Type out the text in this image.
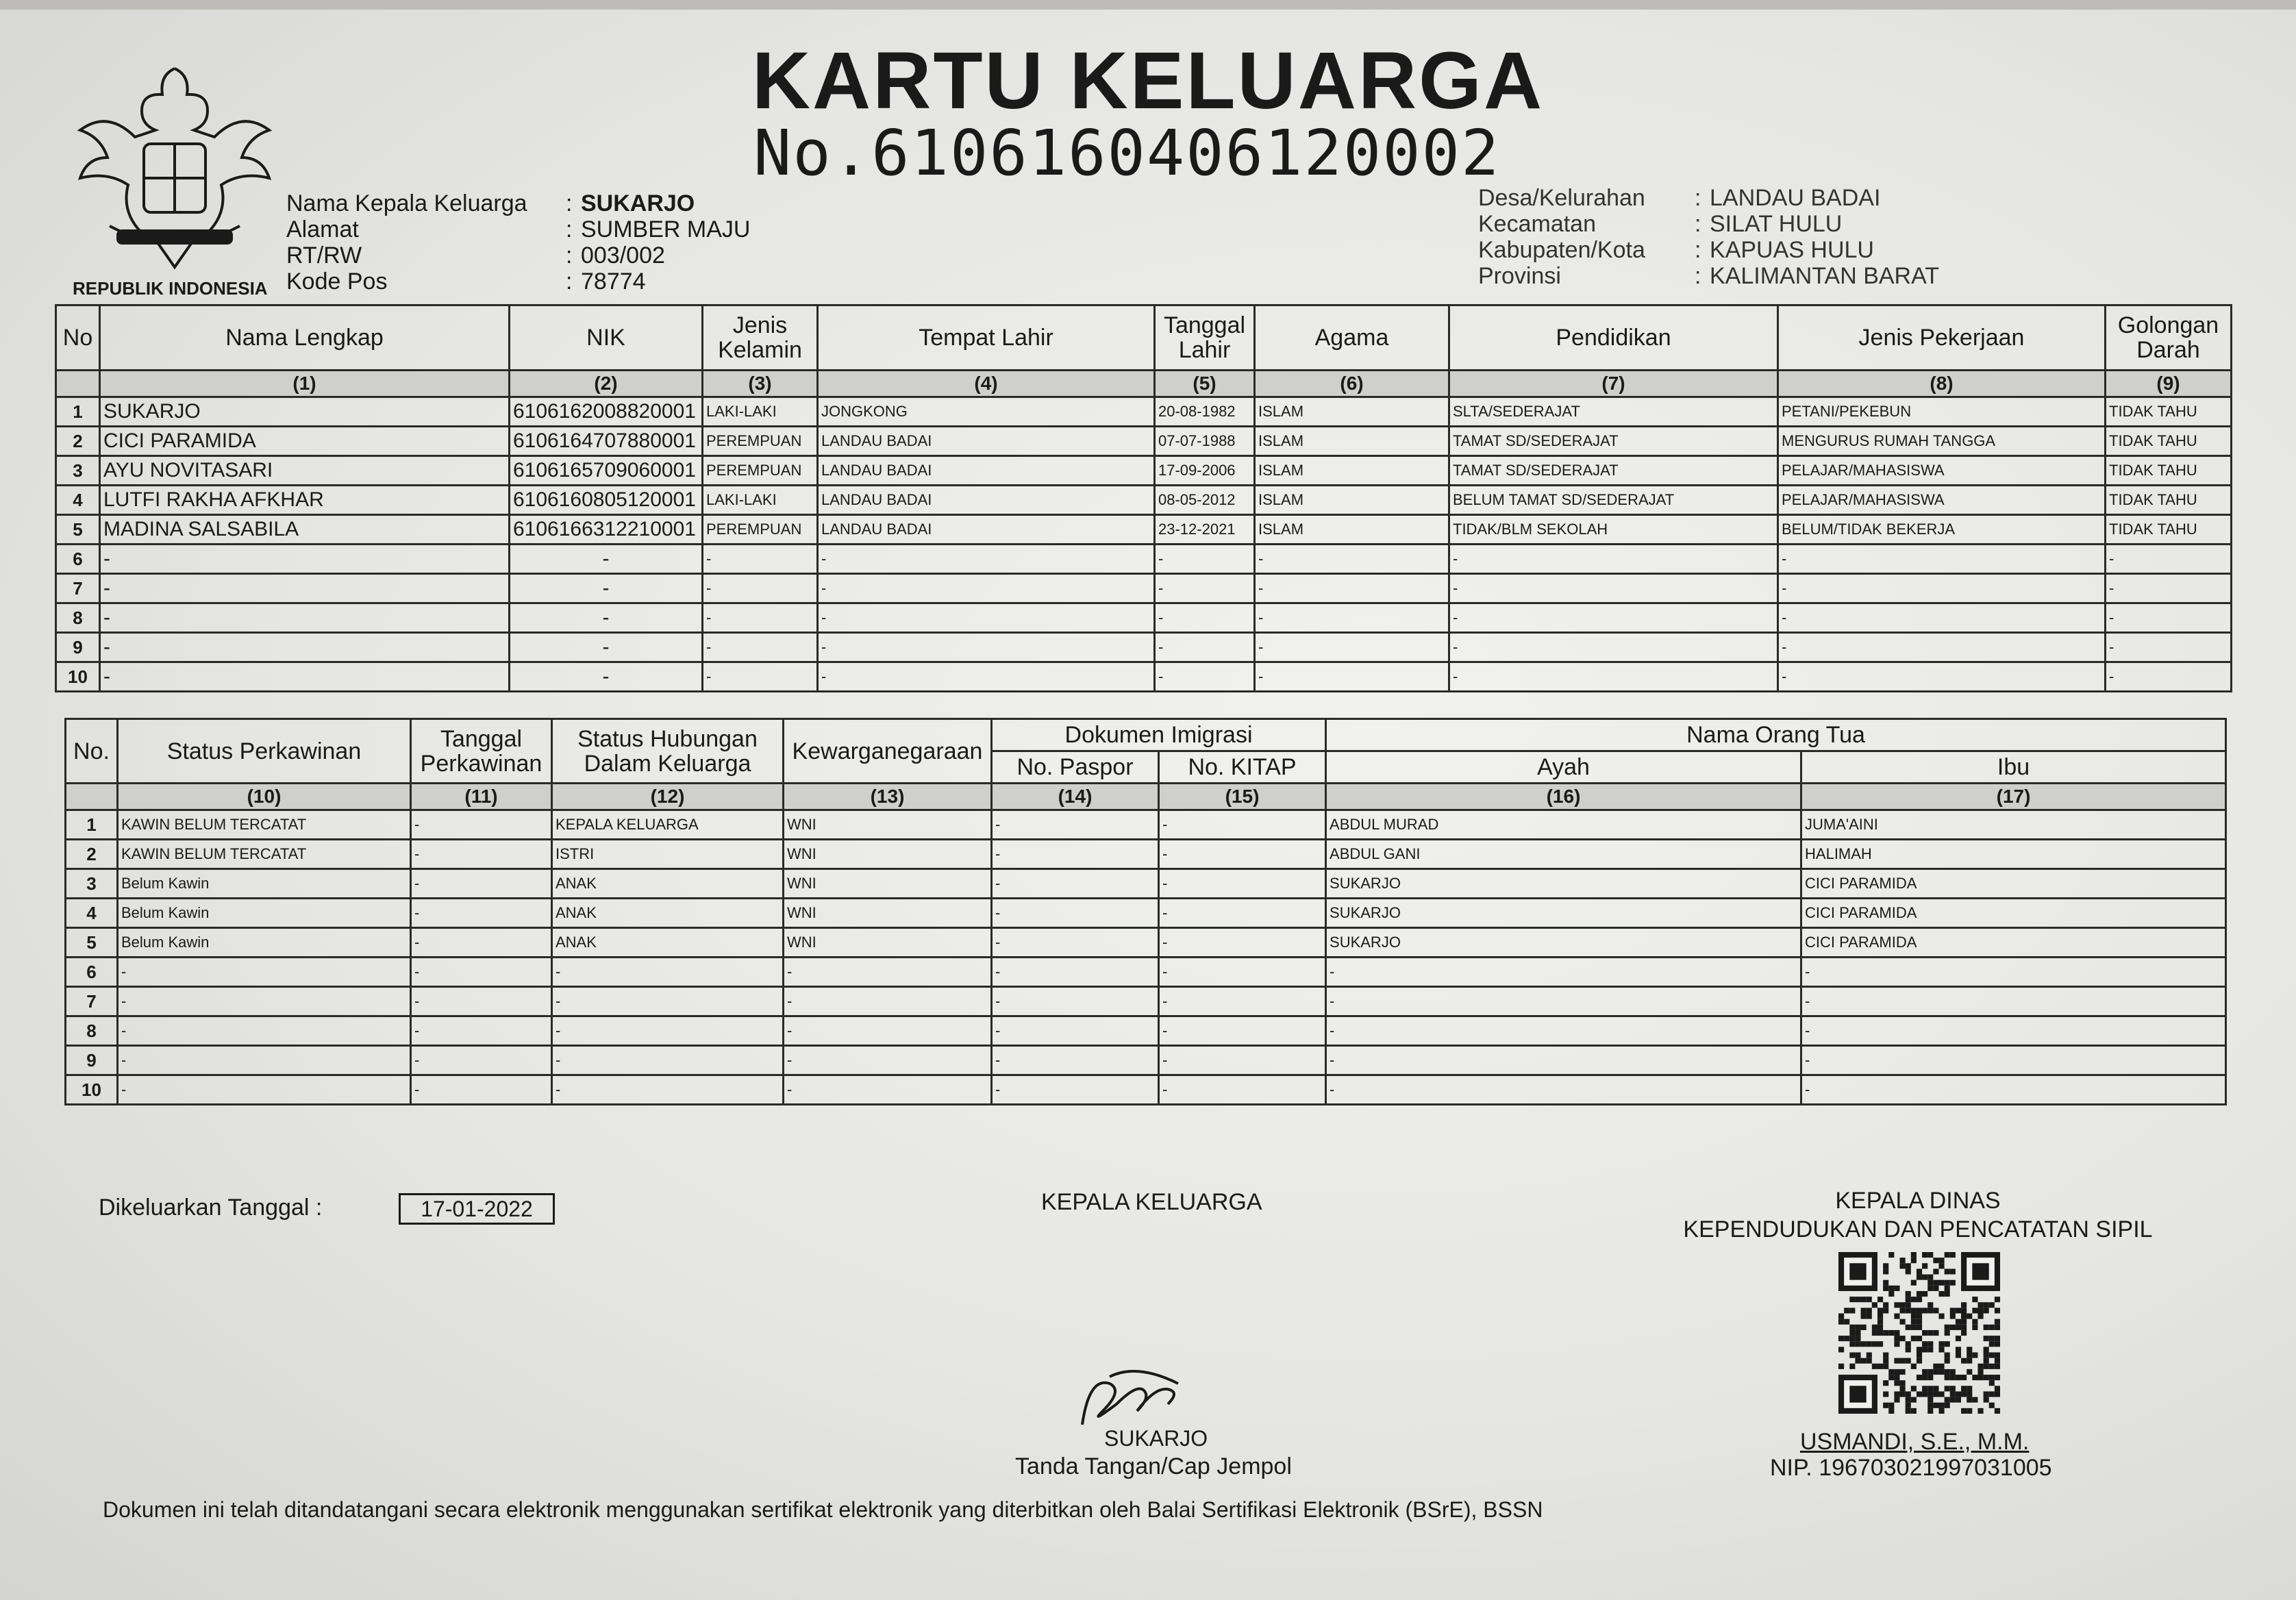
REPUBLIK INDONESIA
KARTU KELUARGA
No.6106160406120002
Nama Kepala Keluarga	: SUKARJO
Alamat	: SUMBER MAJU
RT/RW	: 003/002
Kode Pos	: 78774
Desa/Kelurahan	: LANDAU BADAI
Kecamatan	: SILAT HULU
Kabupaten/Kota	: KAPUAS HULU
Provinsi	: KALIMANTAN BARAT
No	Nama Lengkap	NIK	Jenis Kelamin	Tempat Lahir	Tanggal Lahir	Agama	Pendidikan	Jenis Pekerjaan	Golongan Darah
	(1)	(2)	(3)	(4)	(5)	(6)	(7)	(8)	(9)
1	SUKARJO	6106162008820001	LAKI-LAKI	JONGKONG	20-08-1982	ISLAM	SLTA/SEDERAJAT	PETANI/PEKEBUN	TIDAK TAHU
2	CICI PARAMIDA	6106164707880001	PEREMPUAN	LANDAU BADAI	07-07-1988	ISLAM	TAMAT SD/SEDERAJAT	MENGURUS RUMAH TANGGA	TIDAK TAHU
3	AYU NOVITASARI	6106165709060001	PEREMPUAN	LANDAU BADAI	17-09-2006	ISLAM	TAMAT SD/SEDERAJAT	PELAJAR/MAHASISWA	TIDAK TAHU
4	LUTFI RAKHA AFKHAR	6106160805120001	LAKI-LAKI	LANDAU BADAI	08-05-2012	ISLAM	BELUM TAMAT SD/SEDERAJAT	PELAJAR/MAHASISWA	TIDAK TAHU
5	MADINA SALSABILA	6106166312210001	PEREMPUAN	LANDAU BADAI	23-12-2021	ISLAM	TIDAK/BLM SEKOLAH	BELUM/TIDAK BEKERJA	TIDAK TAHU
6	-	-	-	-	-	-	-	-	-
7	-	-	-	-	-	-	-	-	-
8	-	-	-	-	-	-	-	-	-
9	-	-	-	-	-	-	-	-	-
10	-	-	-	-	-	-	-	-	-
No.	Status Perkawinan	Tanggal Perkawinan	Status Hubungan Dalam Keluarga	Kewarganegaraan	Dokumen Imigrasi		Nama Orang Tua	
					No. Paspor	No. KITAP	Ayah	Ibu
	(10)	(11)	(12)	(13)	(14)	(15)	(16)	(17)
1	KAWIN BELUM TERCATAT	-	KEPALA KELUARGA	WNI	-	-	ABDUL MURAD	JUMA'AINI
2	KAWIN BELUM TERCATAT	-	ISTRI	WNI	-	-	ABDUL GANI	HALIMAH
3	Belum Kawin	-	ANAK	WNI	-	-	SUKARJO	CICI PARAMIDA
4	Belum Kawin	-	ANAK	WNI	-	-	SUKARJO	CICI PARAMIDA
5	Belum Kawin	-	ANAK	WNI	-	-	SUKARJO	CICI PARAMIDA
6	-	-	-	-	-	-	-	-
7	-	-	-	-	-	-	-	-
8	-	-	-	-	-	-	-	-
9	-	-	-	-	-	-	-	-
10	-	-	-	-	-	-	-	-
Dikeluarkan Tanggal :	17-01-2022	KEPALA KELUARGA
SUKARJO
Tanda Tangan/Cap Jempol
KEPALA DINAS
KEPENDUDUKAN DAN PENCATATAN SIPIL
USMANDI, S.E., M.M.
NIP. 196703021997031005
Dokumen ini telah ditandatangani secara elektronik menggunakan sertifikat elektronik yang diterbitkan oleh Balai Sertifikasi Elektronik (BSrE), BSSN
